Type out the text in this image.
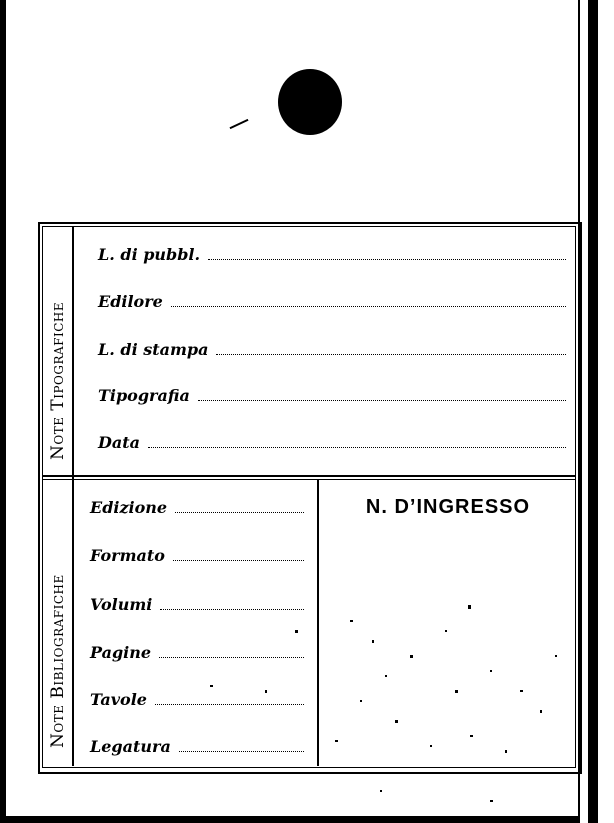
Note Tipografiche
Note Bibliografiche
L. di pubbl.
Edilore
L. di stampa
Tipografia
Data
Edizione
Formato
Volumi
Pagine
Tavole
Legatura
N. D’INGRESSO
